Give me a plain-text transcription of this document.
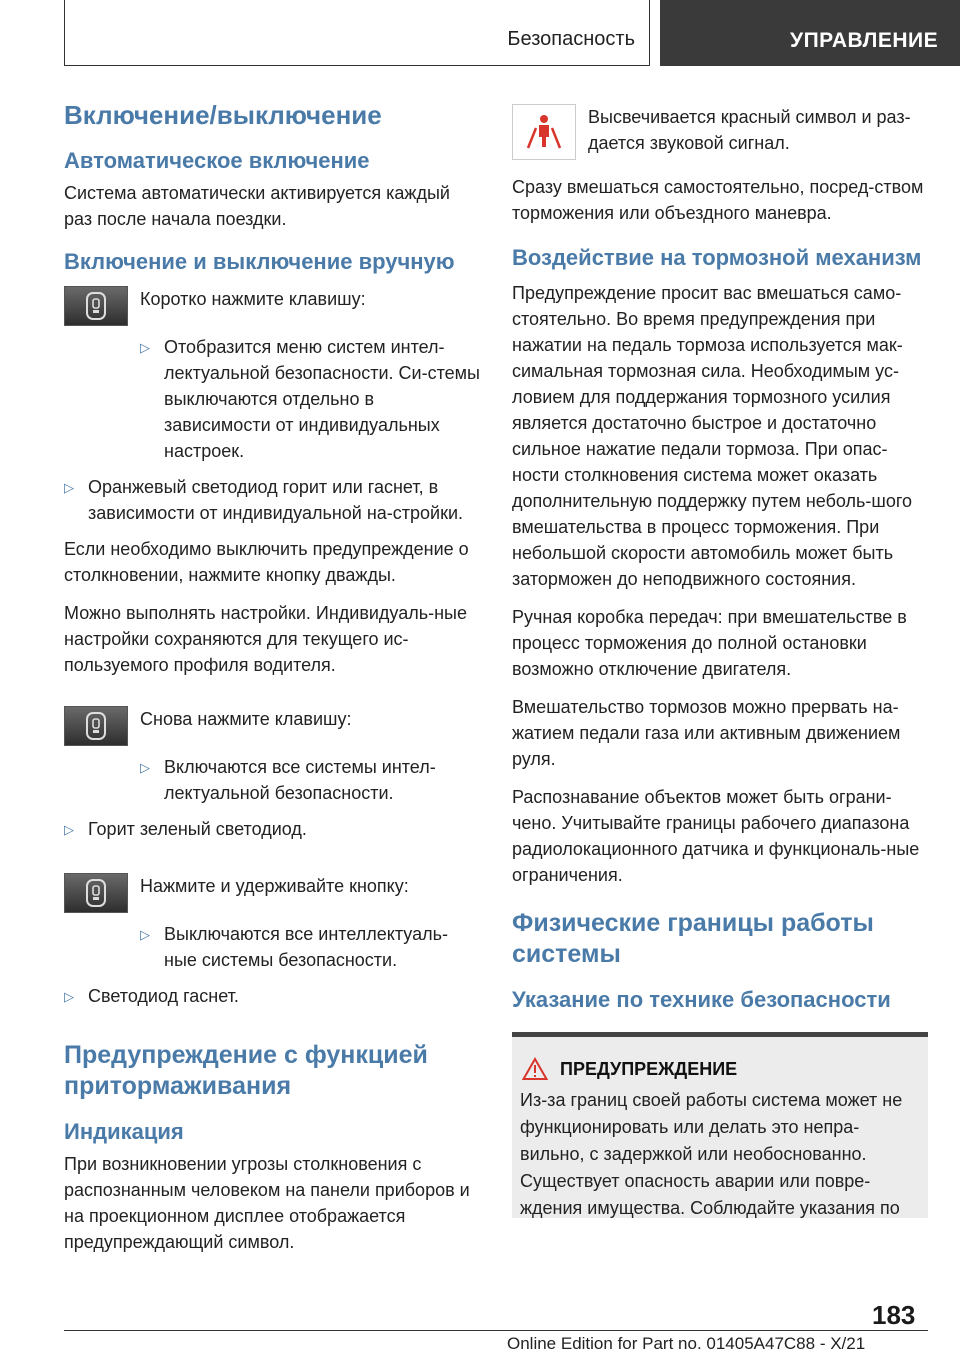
Безопасность	УПРАВЛЕНИЕ
Включение/выключение
Автоматическое включение
Система автоматически активируется каждый раз после начала поездки.
Включение и выключение вручную
Коротко нажмите клавишу:
▷ Отобразится меню систем интел-лектуальной безопасности. Си-стемы выключаются отдельно в зависимости от индивидуальных настроек.
▷ Оранжевый светодиод горит или гаснет, в зависимости от индивидуальной на-стройки.
Если необходимо выключить предупреждение о столкновении, нажмите кнопку дважды.
Можно выполнять настройки. Индивидуаль-ные настройки сохраняются для текущего ис-пользуемого профиля водителя.
Снова нажмите клавишу:
▷ Включаются все системы интел-лектуальной безопасности.
▷ Горит зеленый светодиод.
Нажмите и удерживайте кнопку:
▷ Выключаются все интеллектуаль-ные системы безопасности.
▷ Светодиод гаснет.
Предупреждение с функцией притормаживания
Индикация
При возникновении угрозы столкновения с распознанным человеком на панели приборов и на проекционном дисплее отображается предупреждающий символ.
Высвечивается красный символ и раз-дается звуковой сигнал.
Сразу вмешаться самостоятельно, посред-ством торможения или объездного маневра.
Воздействие на тормозной механизм
Предупреждение просит вас вмешаться само-стоятельно. Во время предупреждения при нажатии на педаль тормоза используется мак-симальная тормозная сила. Необходимым ус-ловием для поддержания тормозного усилия является достаточно быстрое и достаточно сильное нажатие педали тормоза. При опас-ности столкновения система может оказать дополнительную поддержку путем неболь-шого вмешательства в процесс торможения. При небольшой скорости автомобиль может быть заторможен до неподвижного состояния.
Ручная коробка передач: при вмешательстве в процесс торможения до полной остановки возможно отключение двигателя.
Вмешательство тормозов можно прервать на-жатием педали газа или активным движением руля.
Распознавание объектов может быть ограни-чено. Учитывайте границы рабочего диапазона радиолокационного датчика и функциональ-ные ограничения.
Физические границы работы системы
Указание по технике безопасности
ПРЕДУПРЕЖДЕНИЕ
Из-за границ своей работы система может не функционировать или делать это непра-вильно, с задержкой или необоснованно. Существует опасность аварии или повре-ждения имущества. Соблюдайте указания по
183
Online Edition for Part no. 01405A47C88 - X/21
